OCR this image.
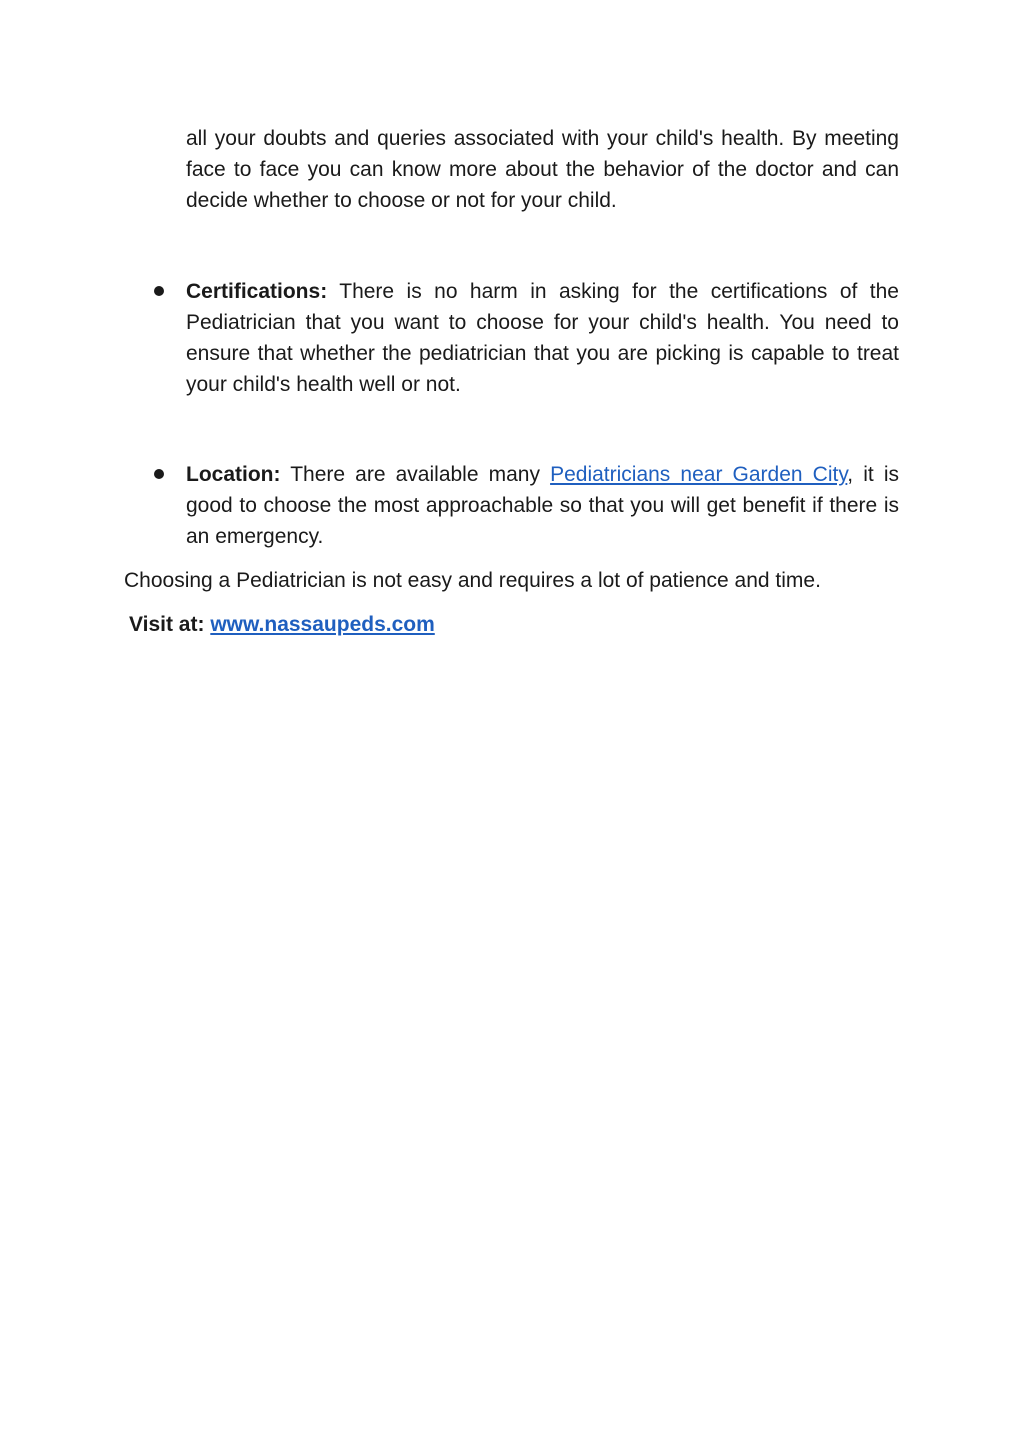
all your doubts and queries associated with your child's health. By meeting face to face you can know more about the behavior of the doctor and can decide whether to choose or not for your child.

Certifications: There is no harm in asking for the certifications of the Pediatrician that you want to choose for your child's health. You need to ensure that whether the pediatrician that you are picking is capable to treat your child's health well or not.

Location: There are available many Pediatricians near Garden City, it is good to choose the most approachable so that you will get benefit if there is an emergency.

Choosing a Pediatrician is not easy and requires a lot of patience and time.

Visit at: www.nassaupeds.com
